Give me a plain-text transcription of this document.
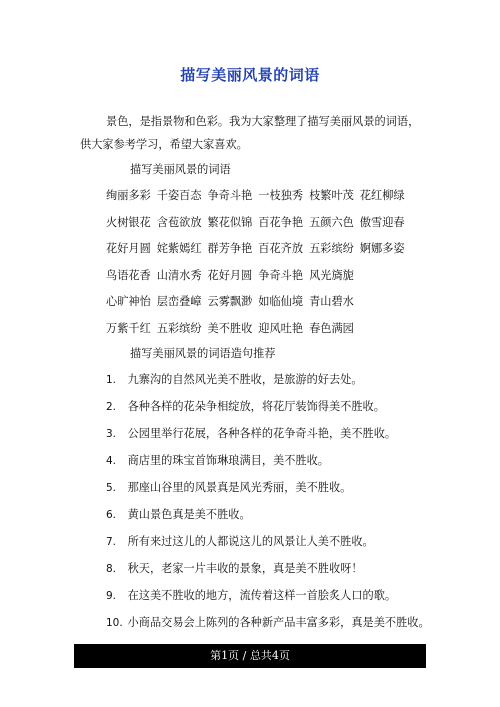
描写美丽风景的词语
景色，是指景物和色彩。我为大家整理了描写美丽风景的词语，
供大家参考学习，希望大家喜欢。
描写美丽风景的词语
绚丽多彩 千姿百态 争奇斗艳 一枝独秀 枝繁叶茂 花红柳绿
火树银花 含苞欲放 繁花似锦 百花争艳 五颜六色 傲雪迎春
花好月圆 姹紫嫣红 群芳争艳 百花齐放 五彩缤纷 婀娜多姿
鸟语花香 山清水秀 花好月圆 争奇斗艳 风光旖旎
心旷神怡 层峦叠嶂 云雾飘渺 如临仙境 青山碧水
万紫千红 五彩缤纷 美不胜收 迎风吐艳 春色满园
描写美丽风景的词语造句推荐
1. 九寨沟的自然风光美不胜收，是旅游的好去处。
2. 各种各样的花朵争相绽放，将花厅装饰得美不胜收。
3. 公园里举行花展，各种各样的花争奇斗艳，美不胜收。
4. 商店里的珠宝首饰琳琅满目，美不胜收。
5. 那座山谷里的风景真是风光秀丽，美不胜收。
6. 黄山景色真是美不胜收。
7. 所有来过这儿的人都说这儿的风景让人美不胜收。
8. 秋天，老家一片丰收的景象，真是美不胜收呀！
9. 在这美不胜收的地方，流传着这样一首脍炙人口的歌。
10. 小商品交易会上陈列的各种新产品丰富多彩，真是美不胜收。
第1页 / 总共4页
